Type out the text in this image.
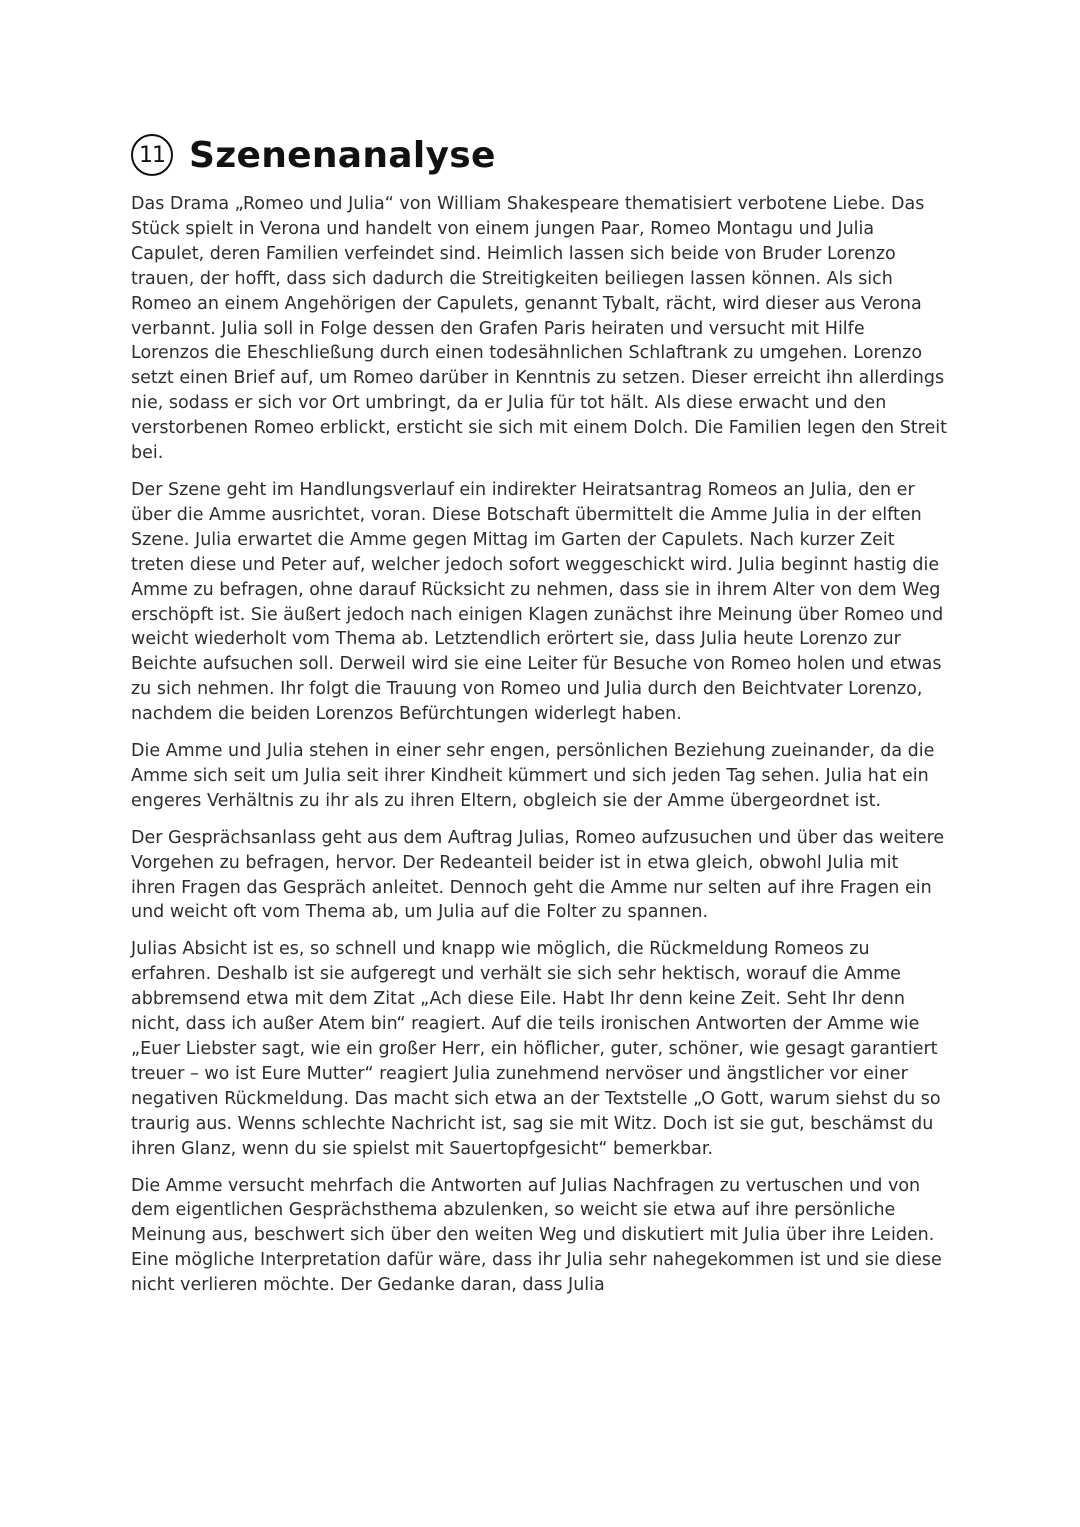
11 Szenenanalyse

Das Drama „Romeo und Julia“ von William Shakespeare thematisiert verbotene Liebe. Das Stück spielt in Verona und handelt von einem jungen Paar, Romeo Montagu und Julia Capulet, deren Familien verfeindet sind. Heimlich lassen sich beide von Bruder Lorenzo trauen, der hofft, dass sich dadurch die Streitigkeiten beiliegen lassen können. Als sich Romeo an einem Angehörigen der Capulets, genannt Tybalt, rächt, wird dieser aus Verona verbannt. Julia soll in Folge dessen den Grafen Paris heiraten und versucht mit Hilfe Lorenzos die Eheschließung durch einen todesähnlichen Schlaftrank zu umgehen. Lorenzo setzt einen Brief auf, um Romeo darüber in Kenntnis zu setzen. Dieser erreicht ihn allerdings nie, sodass er sich vor Ort umbringt, da er Julia für tot hält. Als diese erwacht und den verstorbenen Romeo erblickt, ersticht sie sich mit einem Dolch. Die Familien legen den Streit bei.

Der Szene geht im Handlungsverlauf ein indirekter Heiratsantrag Romeos an Julia, den er über die Amme ausrichtet, voran. Diese Botschaft übermittelt die Amme Julia in der elften Szene. Julia erwartet die Amme gegen Mittag im Garten der Capulets. Nach kurzer Zeit treten diese und Peter auf, welcher jedoch sofort weggeschickt wird. Julia beginnt hastig die Amme zu befragen, ohne darauf Rücksicht zu nehmen, dass sie in ihrem Alter von dem Weg erschöpft ist. Sie äußert jedoch nach einigen Klagen zunächst ihre Meinung über Romeo und weicht wiederholt vom Thema ab. Letztendlich erörtert sie, dass Julia heute Lorenzo zur Beichte aufsuchen soll. Derweil wird sie eine Leiter für Besuche von Romeo holen und etwas zu sich nehmen. Ihr folgt die Trauung von Romeo und Julia durch den Beichtvater Lorenzo, nachdem die beiden Lorenzos Befürchtungen widerlegt haben.

Die Amme und Julia stehen in einer sehr engen, persönlichen Beziehung zueinander, da die Amme sich seit um Julia seit ihrer Kindheit kümmert und sich jeden Tag sehen. Julia hat ein engeres Verhältnis zu ihr als zu ihren Eltern, obgleich sie der Amme übergeordnet ist.

Der Gesprächsanlass geht aus dem Auftrag Julias, Romeo aufzusuchen und über das weitere Vorgehen zu befragen, hervor. Der Redeanteil beider ist in etwa gleich, obwohl Julia mit ihren Fragen das Gespräch anleitet. Dennoch geht die Amme nur selten auf ihre Fragen ein und weicht oft vom Thema ab, um Julia auf die Folter zu spannen.

Julias Absicht ist es, so schnell und knapp wie möglich, die Rückmeldung Romeos zu erfahren. Deshalb ist sie aufgeregt und verhält sie sich sehr hektisch, worauf die Amme abbremsend etwa mit dem Zitat „Ach diese Eile. Habt Ihr denn keine Zeit. Seht Ihr denn nicht, dass ich außer Atem bin“ reagiert. Auf die teils ironischen Antworten der Amme wie „Euer Liebster sagt, wie ein großer Herr, ein höflicher, guter, schöner, wie gesagt garantiert treuer – wo ist Eure Mutter“ reagiert Julia zunehmend nervöser und ängstlicher vor einer negativen Rückmeldung. Das macht sich etwa an der Textstelle „O Gott, warum siehst du so traurig aus. Wenns schlechte Nachricht ist, sag sie mit Witz. Doch ist sie gut, beschämst du ihren Glanz, wenn du sie spielst mit Sauertopfgesicht“ bemerkbar.

Die Amme versucht mehrfach die Antworten auf Julias Nachfragen zu vertuschen und von dem eigentlichen Gesprächsthema abzulenken, so weicht sie etwa auf ihre persönliche Meinung aus, beschwert sich über den weiten Weg und diskutiert mit Julia über ihre Leiden. Eine mögliche Interpretation dafür wäre, dass ihr Julia sehr nahegekommen ist und sie diese nicht verlieren möchte. Der Gedanke daran, dass Julia
